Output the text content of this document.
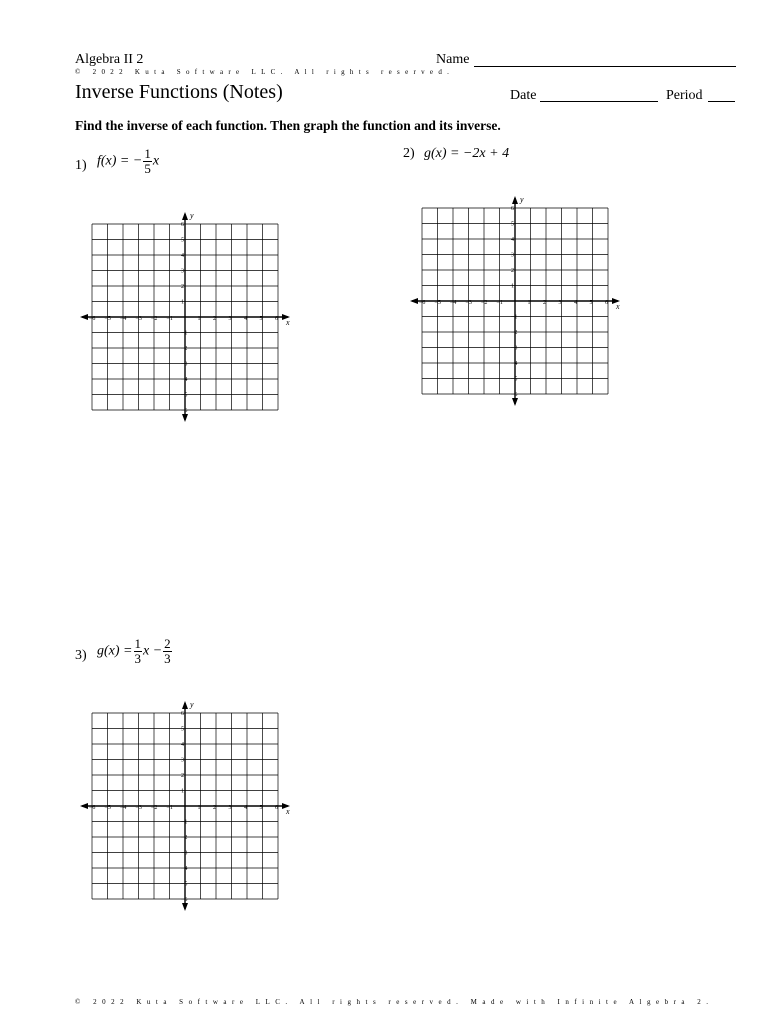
Algebra II 2	Name
© 2022 Kuta Software LLC. All rights reserved.
Inverse Functions (Notes)	Date	Period
Find the inverse of each function. Then graph the function and its inverse.
1) f(x) = − $\frac{1}{5}$ x
2) g(x) = −2x + 4
3) $g(x) = \frac{1}{3}$ $x - \frac{2}{3}$
x
y
−6 −5 −4 −3 −2 −1	1 2 3 4 5 6
6
5
4
3
2
1
−1
−2
−3
−4
−5
−6
x
y
−6 −5 −4 −3 −2 −1	1 2 3 4 5 6
6
5
4
3
2
1
−1
−2
−3
−4
−5
−6
x
y
−6 −5 −4 −3 −2 −1	1 2 3 4 5 6
6
5
4
3
2
1
−1
−2
−3
−4
−5
−6
© 2022 Kuta Software LLC. All rights reserved. Made with Infinite Algebra 2.
